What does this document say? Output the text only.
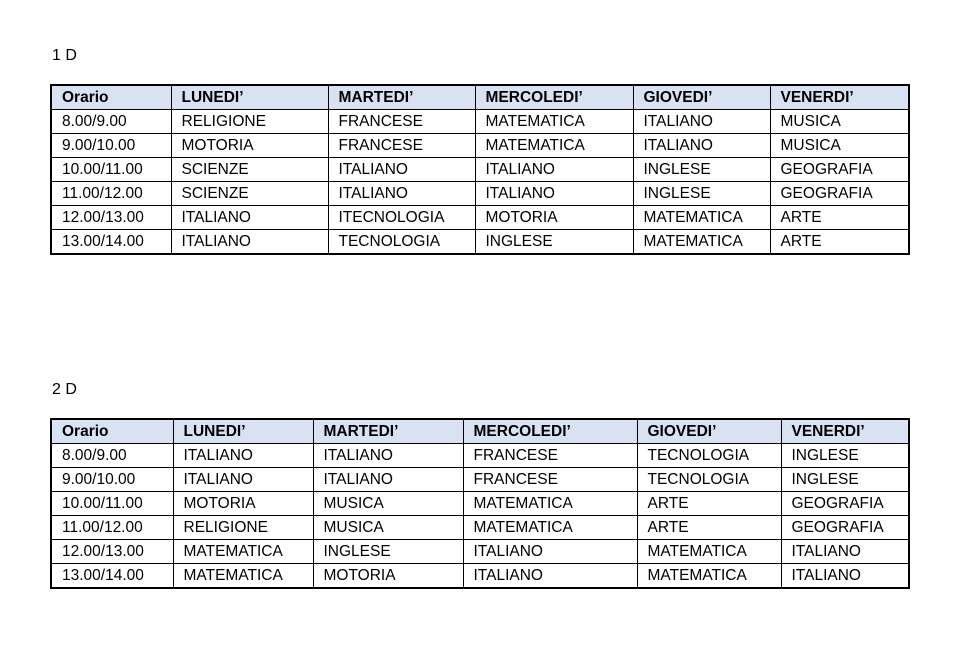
1 D
Orario	LUNEDI’	MARTEDI’	MERCOLEDI’	GIOVEDI’	VENERDI’
8.00/9.00	RELIGIONE	FRANCESE	MATEMATICA	ITALIANO	MUSICA
9.00/10.00	MOTORIA	FRANCESE	MATEMATICA	ITALIANO	MUSICA
10.00/11.00	SCIENZE	ITALIANO	ITALIANO	INGLESE	GEOGRAFIA
11.00/12.00	SCIENZE	ITALIANO	ITALIANO	INGLESE	GEOGRAFIA
12.00/13.00	ITALIANO	ITECNOLOGIA	MOTORIA	MATEMATICA	ARTE
13.00/14.00	ITALIANO	TECNOLOGIA	INGLESE	MATEMATICA	ARTE
2 D
Orario	LUNEDI’	MARTEDI’	MERCOLEDI’	GIOVEDI’	VENERDI’
8.00/9.00	ITALIANO	ITALIANO	FRANCESE	TECNOLOGIA	INGLESE
9.00/10.00	ITALIANO	ITALIANO	FRANCESE	TECNOLOGIA	INGLESE
10.00/11.00	MOTORIA	MUSICA	MATEMATICA	ARTE	GEOGRAFIA
11.00/12.00	RELIGIONE	MUSICA	MATEMATICA	ARTE	GEOGRAFIA
12.00/13.00	MATEMATICA	INGLESE	ITALIANO	MATEMATICA	ITALIANO
13.00/14.00	MATEMATICA	MOTORIA	ITALIANO	MATEMATICA	ITALIANO
